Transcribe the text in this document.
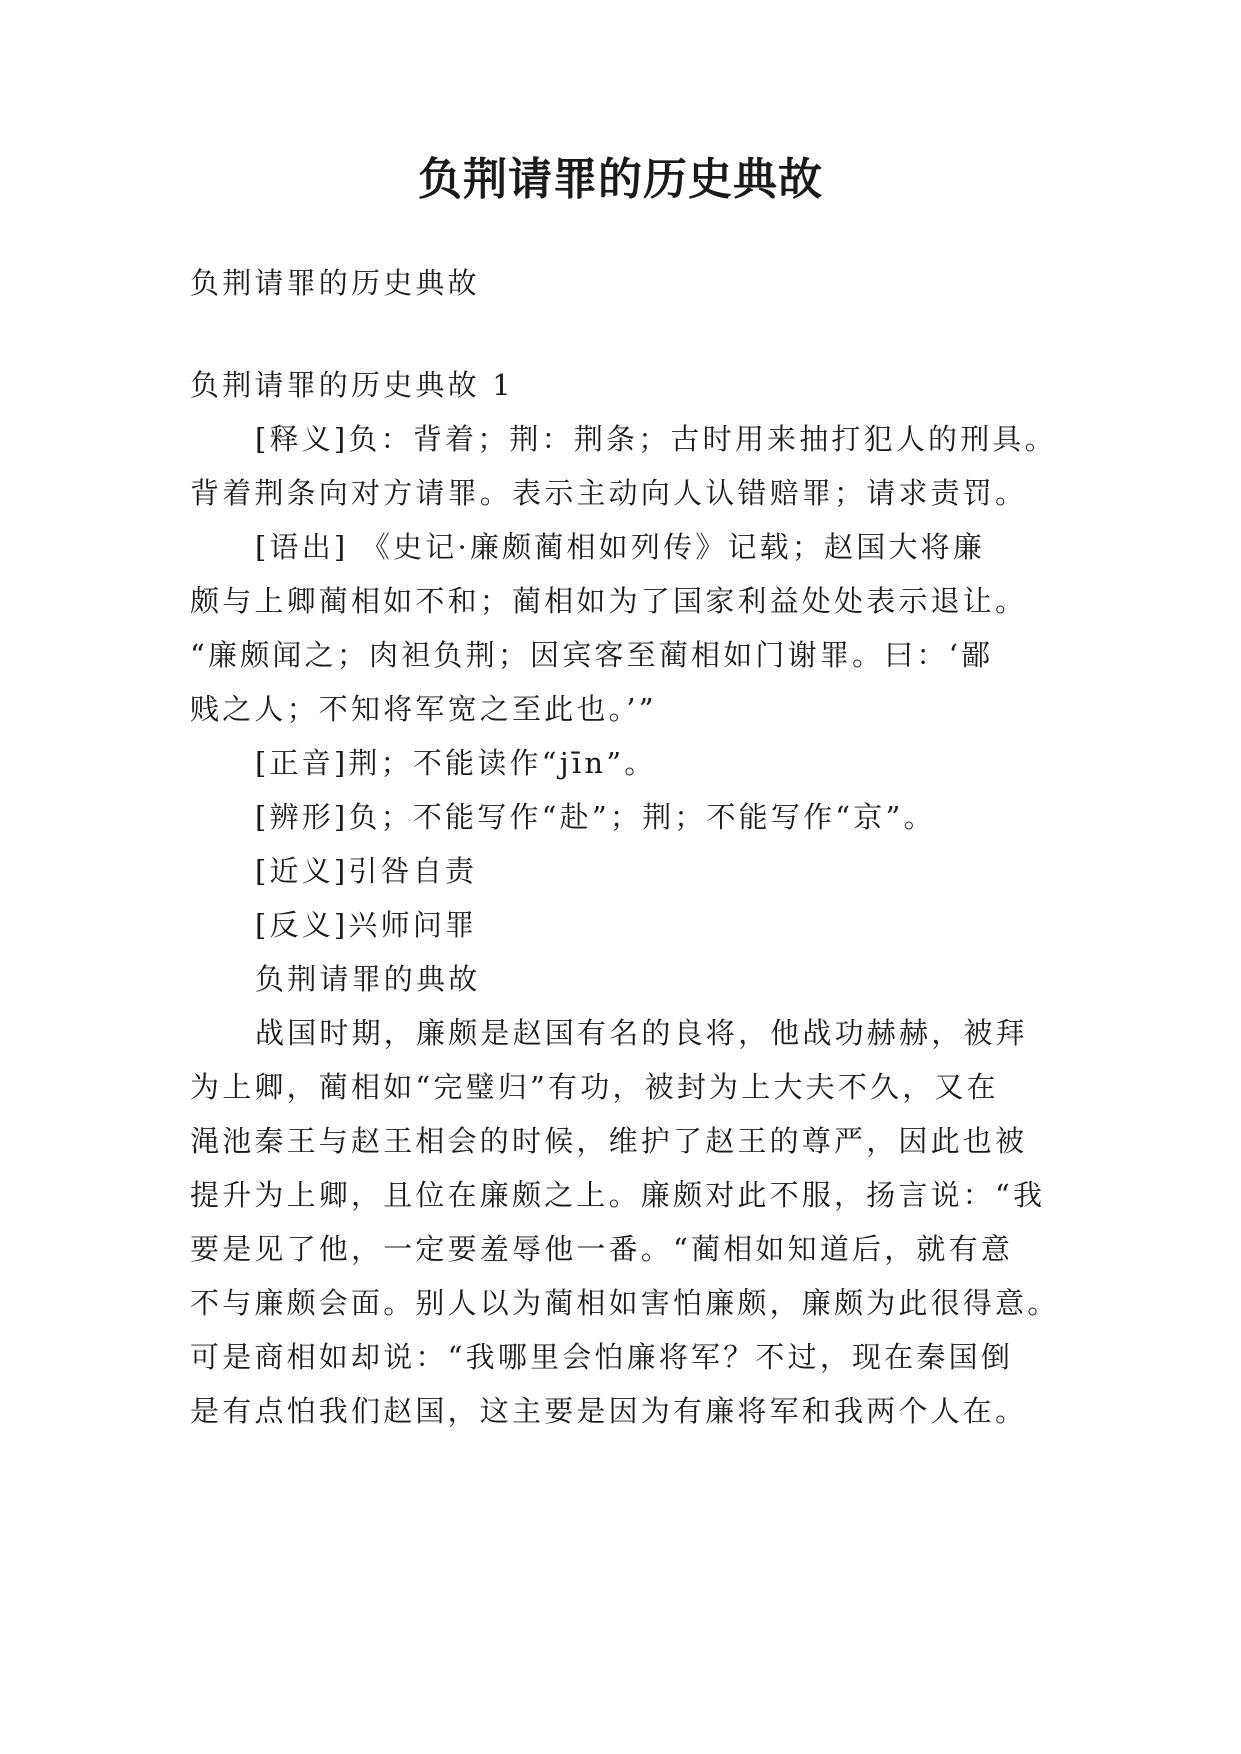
负荆请罪的历史典故
负荆请罪的历史典故
负荆请罪的历史典故 1
[释义]负：背着；荆：荆条；古时用来抽打犯人的刑具。
背着荆条向对方请罪。表示主动向人认错赔罪；请求责罚。
[语出] 《史记·廉颇蔺相如列传》记载；赵国大将廉
颇与上卿蔺相如不和；蔺相如为了国家利益处处表示退让。
“廉颇闻之；肉袒负荆；因宾客至蔺相如门谢罪。曰：‘鄙
贱之人；不知将军宽之至此也。’”
[正音]荆；不能读作“jīn”。
[辨形]负；不能写作“赴”；荆；不能写作“京”。
[近义]引咎自责
[反义]兴师问罪
负荆请罪的典故
战国时期，廉颇是赵国有名的良将，他战功赫赫，被拜
为上卿，蔺相如“完璧归”有功，被封为上大夫不久，又在
渑池秦王与赵王相会的时候，维护了赵王的尊严，因此也被
提升为上卿，且位在廉颇之上。廉颇对此不服，扬言说：“我
要是见了他，一定要羞辱他一番。“蔺相如知道后，就有意
不与廉颇会面。别人以为蔺相如害怕廉颇，廉颇为此很得意。
可是商相如却说：“我哪里会怕廉将军？不过，现在秦国倒
是有点怕我们赵国，这主要是因为有廉将军和我两个人在。
